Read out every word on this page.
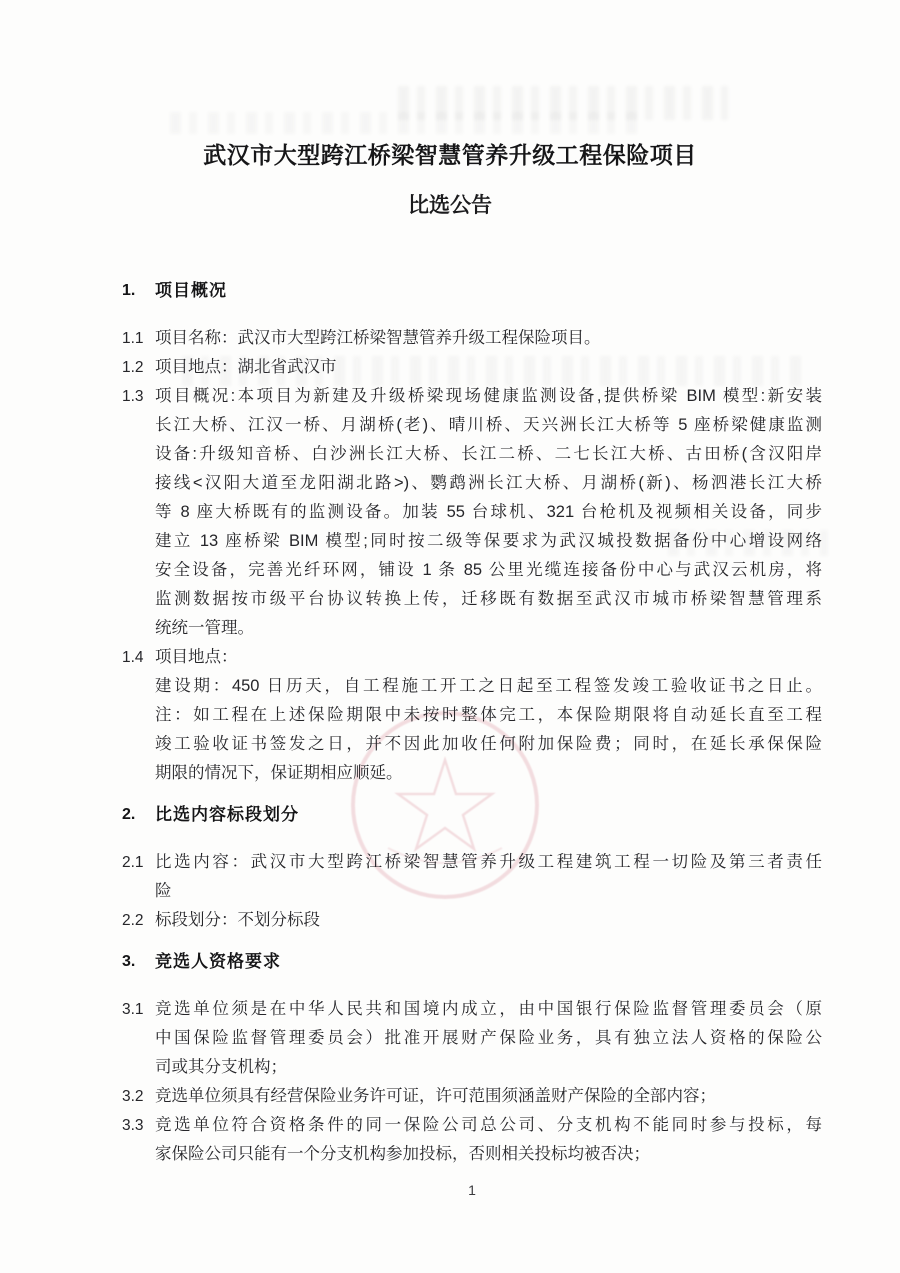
武汉市大型跨江桥梁智慧管养升级工程保险项目
比选公告
1.	项目概况
1.1 项目名称：武汉市大型跨江桥梁智慧管养升级工程保险项目。
1.2 项目地点：湖北省武汉市
1.3 项目概况:本项目为新建及升级桥梁现场健康监测设备,提供桥梁 BIM 模型:新安装
长江大桥、江汉一桥、月湖桥(老)、晴川桥、天兴洲长江大桥等 5 座桥梁健康监测
设备:升级知音桥、白沙洲长江大桥、长江二桥、二七长江大桥、古田桥(含汉阳岸
接线<汉阳大道至龙阳湖北路>)、鹦鹉洲长江大桥、月湖桥(新)、杨泗港长江大桥
等 8 座大桥既有的监测设备。加装 55 台球机、321 台枪机及视频相关设备，同步
建立 13 座桥梁 BIM 模型;同时按二级等保要求为武汉城投数据备份中心增设网络
安全设备，完善光纤环网，铺设 1 条 85 公里光缆连接备份中心与武汉云机房，将
监测数据按市级平台协议转换上传，迁移既有数据至武汉市城市桥梁智慧管理系
统统一管理。
1.4 项目地点：
建设期：450 日历天，自工程施工开工之日起至工程签发竣工验收证书之日止。
注：如工程在上述保险期限中未按时整体完工，本保险期限将自动延长直至工程
竣工验收证书签发之日，并不因此加收任何附加保险费；同时，在延长承保保险
期限的情况下，保证期相应顺延。
2.	比选内容标段划分
2.1 比选内容：武汉市大型跨江桥梁智慧管养升级工程建筑工程一切险及第三者责任
险
2.2 标段划分：不划分标段
3.	竞选人资格要求
3.1 竞选单位须是在中华人民共和国境内成立，由中国银行保险监督管理委员会（原
中国保险监督管理委员会）批准开展财产保险业务，具有独立法人资格的保险公
司或其分支机构；
3.2 竞选单位须具有经营保险业务许可证，许可范围须涵盖财产保险的全部内容；
3.3 竞选单位符合资格条件的同一保险公司总公司、分支机构不能同时参与投标，每
家保险公司只能有一个分支机构参加投标，否则相关投标均被否决；
1
